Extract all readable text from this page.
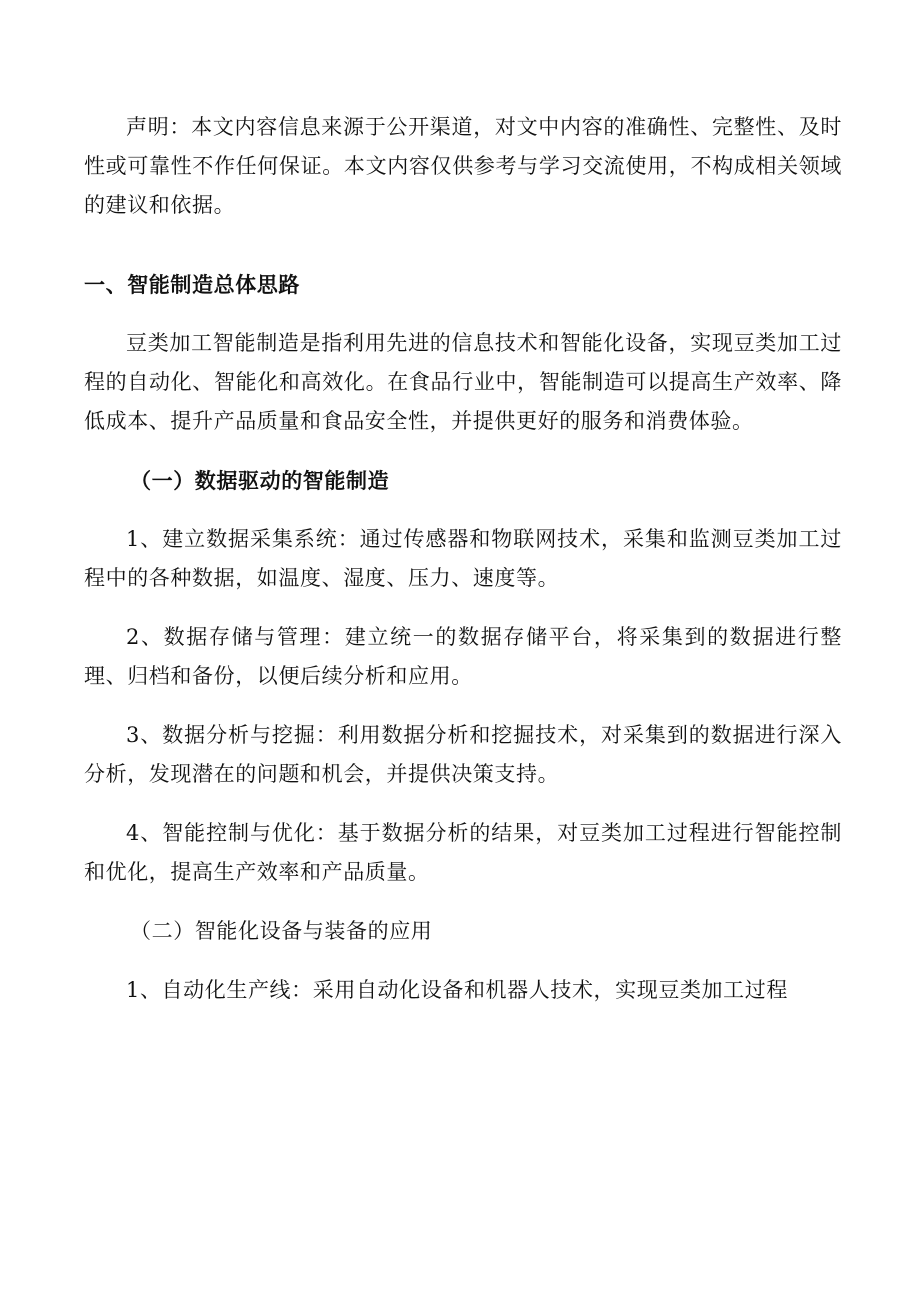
声明：本文内容信息来源于公开渠道，对文中内容的准确性、完整性、及时性或可靠性不作任何保证。本文内容仅供参考与学习交流使用，不构成相关领域的建议和依据。

一、智能制造总体思路

豆类加工智能制造是指利用先进的信息技术和智能化设备，实现豆类加工过程的自动化、智能化和高效化。在食品行业中，智能制造可以提高生产效率、降低成本、提升产品质量和食品安全性，并提供更好的服务和消费体验。

（一）数据驱动的智能制造

1、建立数据采集系统：通过传感器和物联网技术，采集和监测豆类加工过程中的各种数据，如温度、湿度、压力、速度等。

2、数据存储与管理：建立统一的数据存储平台，将采集到的数据进行整理、归档和备份，以便后续分析和应用。

3、数据分析与挖掘：利用数据分析和挖掘技术，对采集到的数据进行深入分析，发现潜在的问题和机会，并提供决策支持。

4、智能控制与优化：基于数据分析的结果，对豆类加工过程进行智能控制和优化，提高生产效率和产品质量。

（二）智能化设备与装备的应用

1、自动化生产线：采用自动化设备和机器人技术，实现豆类加工过程
